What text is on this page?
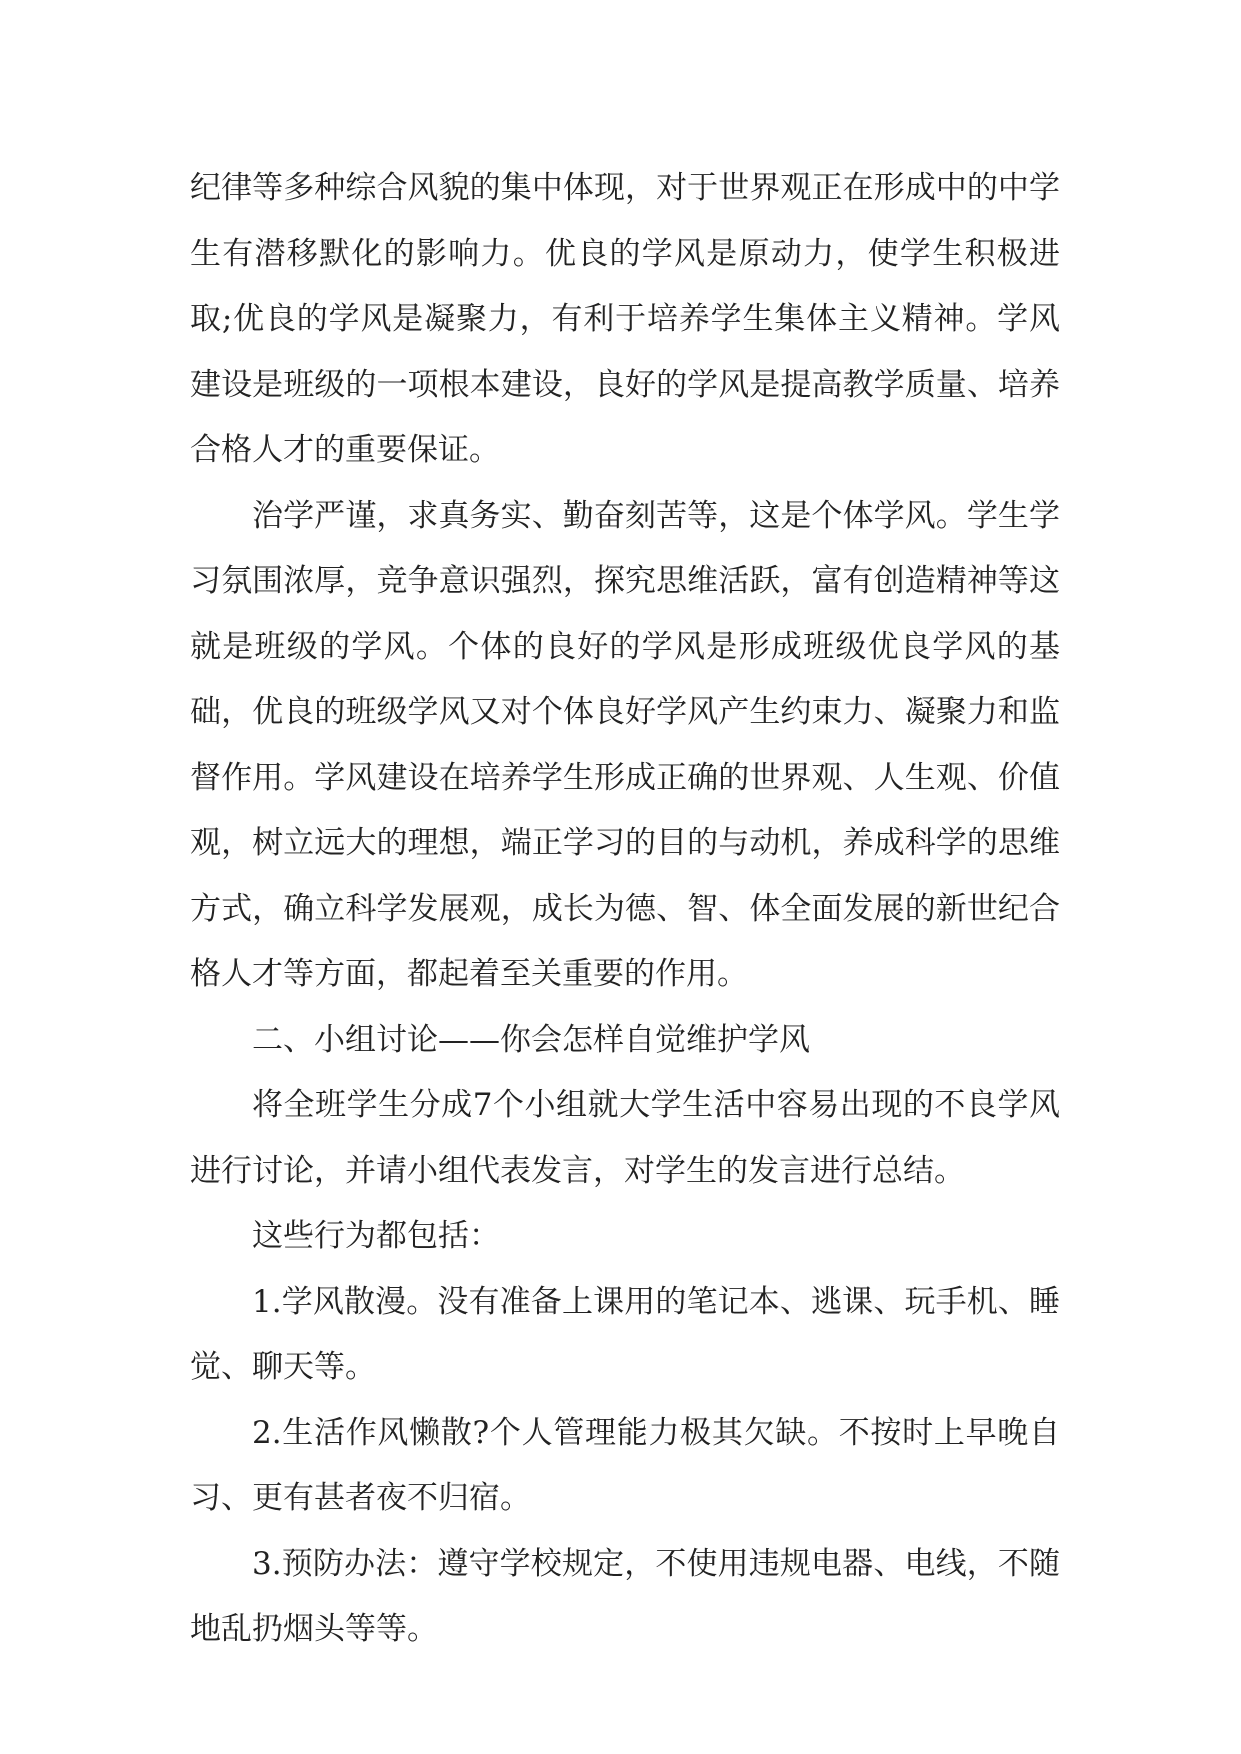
纪律等多种综合风貌的集中体现，对于世界观正在形成中的中学生有潜移默化的影响力。优良的学风是原动力，使学生积极进取;优良的学风是凝聚力，有利于培养学生集体主义精神。学风建设是班级的一项根本建设，良好的学风是提高教学质量、培养合格人才的重要保证。

治学严谨，求真务实、勤奋刻苦等，这是个体学风。学生学习氛围浓厚，竞争意识强烈，探究思维活跃，富有创造精神等这就是班级的学风。个体的良好的学风是形成班级优良学风的基础，优良的班级学风又对个体良好学风产生约束力、凝聚力和监督作用。学风建设在培养学生形成正确的世界观、人生观、价值观，树立远大的理想，端正学习的目的与动机，养成科学的思维方式，确立科学发展观，成长为德、智、体全面发展的新世纪合格人才等方面，都起着至关重要的作用。

二、小组讨论——你会怎样自觉维护学风

将全班学生分成7个小组就大学生活中容易出现的不良学风进行讨论，并请小组代表发言，对学生的发言进行总结。

这些行为都包括：

1.学风散漫。没有准备上课用的笔记本、逃课、玩手机、睡觉、聊天等。

2.生活作风懒散?个人管理能力极其欠缺。不按时上早晚自习、更有甚者夜不归宿。

3.预防办法：遵守学校规定，不使用违规电器、电线，不随地乱扔烟头等等。
